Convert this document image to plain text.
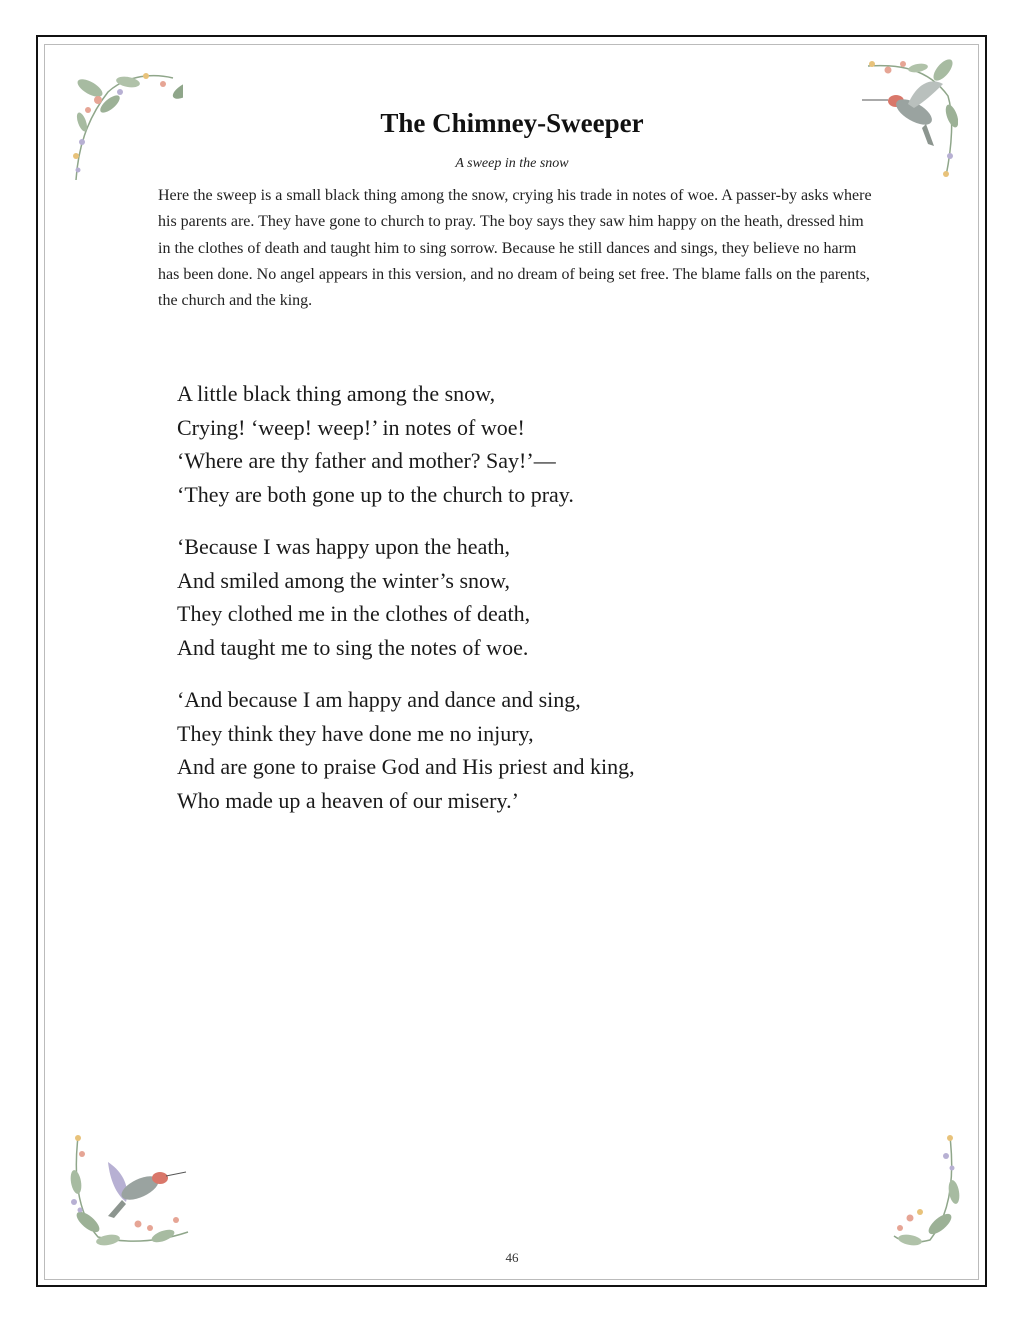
The Chimney-Sweeper
A sweep in the snow

Here the sweep is a small black thing among the snow, crying his trade in notes of woe. A passer-by asks where his parents are. They have gone to church to pray. The boy says they saw him happy on the heath, dressed him in the clothes of death and taught him to sing sorrow. Because he still dances and sings, they believe no harm has been done. No angel appears in this version, and no dream of being set free. The blame falls on the parents, the church and the king.

A little black thing among the snow,
Crying! ‘weep! weep!’ in notes of woe!
‘Where are thy father and mother? Say!’—
‘They are both gone up to the church to pray.
‘Because I was happy upon the heath,
And smiled among the winter’s snow,
They clothed me in the clothes of death,
And taught me to sing the notes of woe.
‘And because I am happy and dance and sing,
They think they have done me no injury,
And are gone to praise God and His priest and king,
Who made up a heaven of our misery.’
46
